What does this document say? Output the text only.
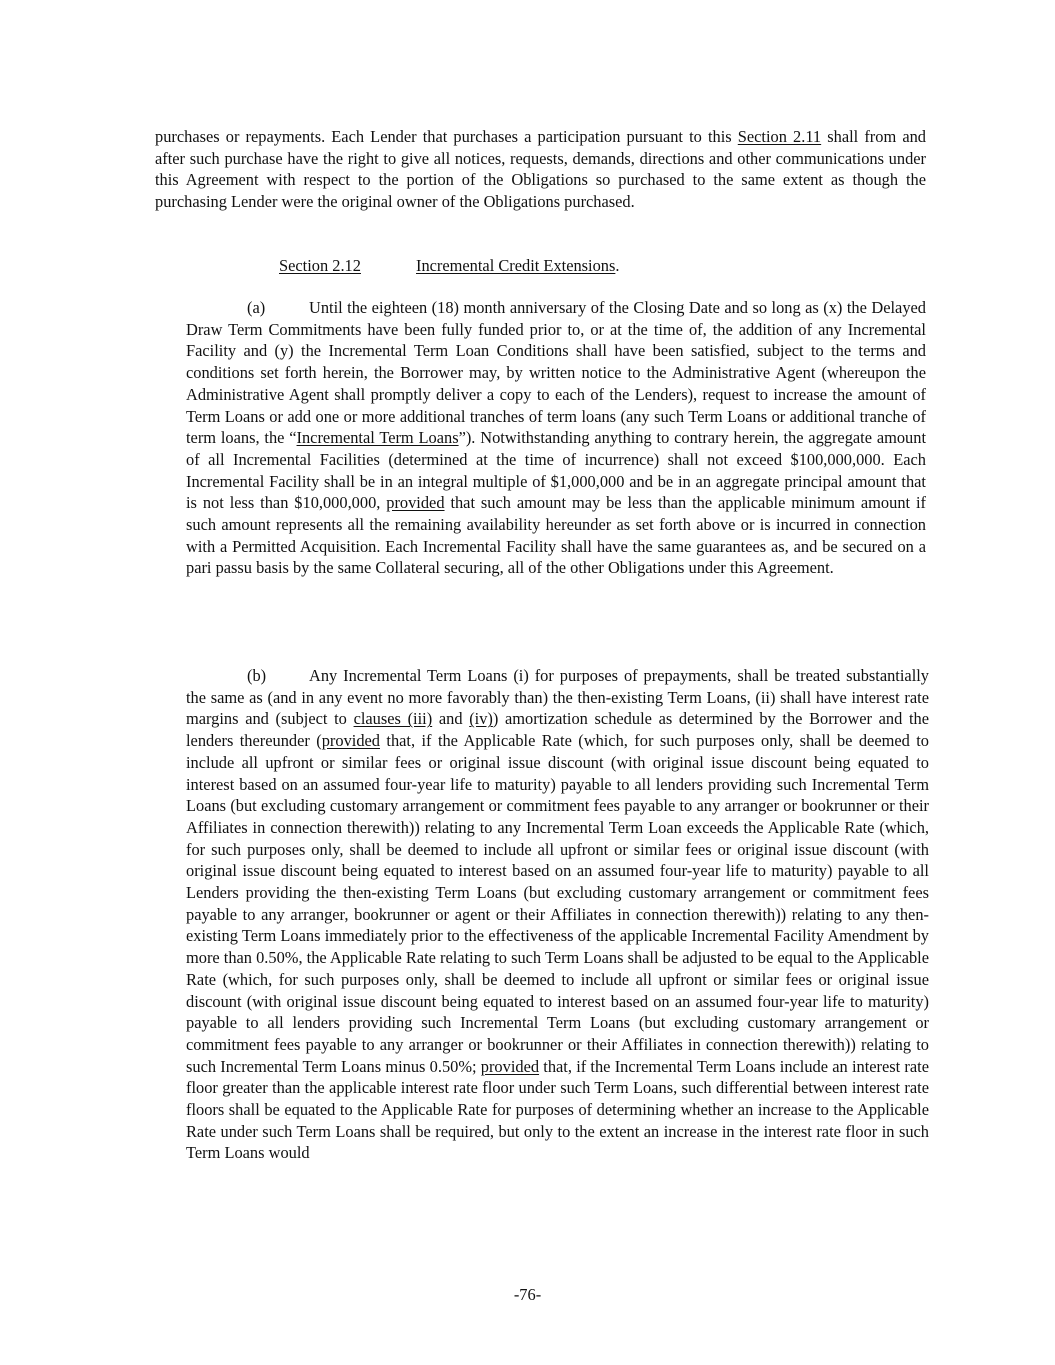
purchases or repayments. Each Lender that purchases a participation pursuant to this Section 2.11 shall from and after such purchase have the right to give all notices, requests, demands, directions and other communications under this Agreement with respect to the portion of the Obligations so purchased to the same extent as though the purchasing Lender were the original owner of the Obligations purchased.

Section 2.12	Incremental Credit Extensions.

(a)	Until the eighteen (18) month anniversary of the Closing Date and so long as (x) the Delayed Draw Term Commitments have been fully funded prior to, or at the time of, the addition of any Incremental Facility and (y) the Incremental Term Loan Conditions shall have been satisfied, subject to the terms and conditions set forth herein, the Borrower may, by written notice to the Administrative Agent (whereupon the Administrative Agent shall promptly deliver a copy to each of the Lenders), request to increase the amount of Term Loans or add one or more additional tranches of term loans (any such Term Loans or additional tranche of term loans, the “Incremental Term Loans”). Notwithstanding anything to contrary herein, the aggregate amount of all Incremental Facilities (determined at the time of incurrence) shall not exceed $100,000,000. Each Incremental Facility shall be in an integral multiple of $1,000,000 and be in an aggregate principal amount that is not less than $10,000,000, provided that such amount may be less than the applicable minimum amount if such amount represents all the remaining availability hereunder as set forth above or is incurred in connection with a Permitted Acquisition. Each Incremental Facility shall have the same guarantees as, and be secured on a pari passu basis by the same Collateral securing, all of the other Obligations under this Agreement.

(b)	Any Incremental Term Loans (i) for purposes of prepayments, shall be treated substantially the same as (and in any event no more favorably than) the then-existing Term Loans, (ii) shall have interest rate margins and (subject to clauses (iii) and (iv)) amortization schedule as determined by the Borrower and the lenders thereunder (provided that, if the Applicable Rate (which, for such purposes only, shall be deemed to include all upfront or similar fees or original issue discount (with original issue discount being equated to interest based on an assumed four-year life to maturity) payable to all lenders providing such Incremental Term Loans (but excluding customary arrangement or commitment fees payable to any arranger or bookrunner or their Affiliates in connection therewith)) relating to any Incremental Term Loan exceeds the Applicable Rate (which, for such purposes only, shall be deemed to include all upfront or similar fees or original issue discount (with original issue discount being equated to interest based on an assumed four-year life to maturity) payable to all Lenders providing the then-existing Term Loans (but excluding customary arrangement or commitment fees payable to any arranger, bookrunner or agent or their Affiliates in connection therewith)) relating to any then-existing Term Loans immediately prior to the effectiveness of the applicable Incremental Facility Amendment by more than 0.50%, the Applicable Rate relating to such Term Loans shall be adjusted to be equal to the Applicable Rate (which, for such purposes only, shall be deemed to include all upfront or similar fees or original issue discount (with original issue discount being equated to interest based on an assumed four-year life to maturity) payable to all lenders providing such Incremental Term Loans (but excluding customary arrangement or commitment fees payable to any arranger or bookrunner or their Affiliates in connection therewith)) relating to such Incremental Term Loans minus 0.50%; provided that, if the Incremental Term Loans include an interest rate floor greater than the applicable interest rate floor under such Term Loans, such differential between interest rate floors shall be equated to the Applicable Rate for purposes of determining whether an increase to the Applicable Rate under such Term Loans shall be required, but only to the extent an increase in the interest rate floor in such Term Loans would

-76-
